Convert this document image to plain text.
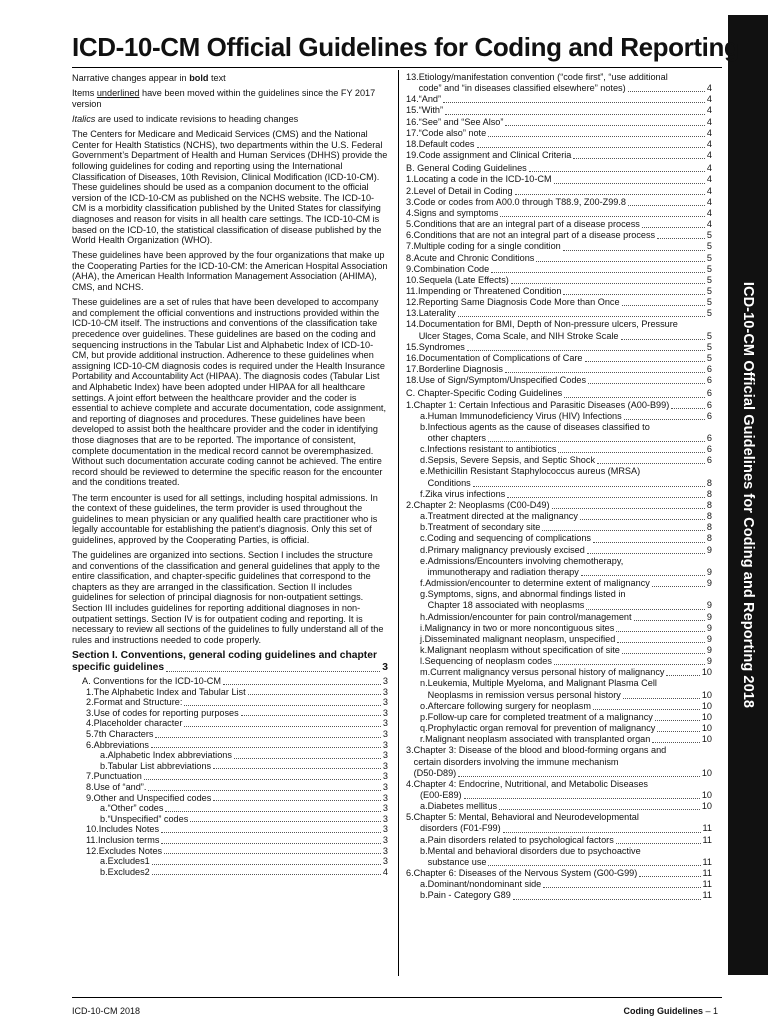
ICD-10-CM Official Guidelines for Coding and Reporting 2018
ICD-10-CM Official Guidelines for Coding and Reporting

Narrative changes appear in bold text

Items underlined have been moved within the guidelines since the FY 2017 version

Italics are used to indicate revisions to heading changes

The Centers for Medicare and Medicaid Services (CMS) and the National Center for Health Statistics (NCHS), two departments within the U.S. Federal Government’s Department of Health and Human Services (DHHS) provide the following guidelines for coding and reporting using the International Classification of Diseases, 10th Revision, Clinical Modification (ICD-10-CM). These guidelines should be used as a companion document to the official version of the ICD-10-CM as published on the NCHS website. The ICD-10-CM is a morbidity classification published by the United States for classifying diagnoses and reason for visits in all health care settings. The ICD-10-CM is based on the ICD-10, the statistical classification of disease published by the World Health Organization (WHO).

These guidelines have been approved by the four organizations that make up the Cooperating Parties for the ICD-10-CM: the American Hospital Association (AHA), the American Health Information Management Association (AHIMA), CMS, and NCHS.

These guidelines are a set of rules that have been developed to accompany and complement the official conventions and instructions provided within the ICD-10-CM itself. The instructions and conventions of the classification take precedence over guidelines. These guidelines are based on the coding and sequencing instructions in the Tabular List and Alphabetic Index of ICD-10-CM, but provide additional instruction. Adherence to these guidelines when assigning ICD-10-CM diagnosis codes is required under the Health Insurance Portability and Accountability Act (HIPAA). The diagnosis codes (Tabular List and Alphabetic Index) have been adopted under HIPAA for all healthcare settings. A joint effort between the healthcare provider and the coder is essential to achieve complete and accurate documentation, code assignment, and reporting of diagnoses and procedures. These guidelines have been developed to assist both the healthcare provider and the coder in identifying those diagnoses that are to be reported. The importance of consistent, complete documentation in the medical record cannot be overemphasized. Without such documentation accurate coding cannot be achieved. The entire record should be reviewed to determine the specific reason for the encounter and the conditions treated.

The term encounter is used for all settings, including hospital admissions. In the context of these guidelines, the term provider is used throughout the guidelines to mean physician or any qualified health care practitioner who is legally accountable for establishing the patient’s diagnosis. Only this set of guidelines, approved by the Cooperating Parties, is official.

The guidelines are organized into sections. Section I includes the structure and conventions of the classification and general guidelines that apply to the entire classification, and chapter-specific guidelines that correspond to the chapters as they are arranged in the classification. Section II includes guidelines for selection of principal diagnosis for non-outpatient settings. Section III includes guidelines for reporting additional diagnoses in non-outpatient settings. Section IV is for outpatient coding and reporting. It is necessary to review all sections of the guidelines to fully understand all of the rules and instructions needed to code properly.

Section I. Conventions, general coding guidelines and chapter
specific guidelines	3
A. Conventions for the ICD-10-CM	3
1. The Alphabetic Index and Tabular List	3
2. Format and Structure:	3
3. Use of codes for reporting purposes	3
4. Placeholder character	3
5. 7th Characters	3
6. Abbreviations	3
a. Alphabetic Index abbreviations	3
b. Tabular List abbreviations	3
7. Punctuation	3
8. Use of “and”.	3
9. Other and Unspecified codes	3
a. “Other” codes	3
b. “Unspecified” codes	3
10. Includes Notes	3
11. Inclusion terms	3
12. Excludes Notes	3
a. Excludes1	3
b. Excludes2	4
13. Etiology/manifestation convention (“code first”, “use additional
code” and “in diseases classified elsewhere” notes)	4
14. “And”	4
15. “With”	4
16. “See” and “See Also”	4
17. “Code also” note	4
18. Default codes	4
19. Code assignment and Clinical Criteria	4
B. General Coding Guidelines	4
1. Locating a code in the ICD-10-CM	4
2. Level of Detail in Coding	4
3. Code or codes from A00.0 through T88.9, Z00-Z99.8	4
4. Signs and symptoms	4
5. Conditions that are an integral part of a disease process	4
6. Conditions that are not an integral part of a disease process	5
7. Multiple coding for a single condition	5
8. Acute and Chronic Conditions	5
9. Combination Code	5
10. Sequela (Late Effects)	5
11. Impending or Threatened Condition	5
12. Reporting Same Diagnosis Code More than Once	5
13. Laterality	5
14. Documentation for BMI, Depth of Non-pressure ulcers, Pressure
Ulcer Stages, Coma Scale, and NIH Stroke Scale	5
15. Syndromes	5
16. Documentation of Complications of Care	5
17. Borderline Diagnosis	6
18. Use of Sign/Symptom/Unspecified Codes	6
C. Chapter-Specific Coding Guidelines	6
1. Chapter 1: Certain Infectious and Parasitic Diseases (A00-B99)	6
a. Human Immunodeficiency Virus (HIV) Infections	6
b. Infectious agents as the cause of diseases classified to
other chapters	6
c. Infections resistant to antibiotics	6
d. Sepsis, Severe Sepsis, and Septic Shock	6
e. Methicillin Resistant Staphylococcus aureus (MRSA)
Conditions	8
f. Zika virus infections	8
2. Chapter 2: Neoplasms (C00-D49)	8
a. Treatment directed at the malignancy	8
b. Treatment of secondary site	8
c. Coding and sequencing of complications	8
d. Primary malignancy previously excised	9
e. Admissions/Encounters involving chemotherapy,
immunotherapy and radiation therapy	9
f. Admission/encounter to determine extent of malignancy	9
g. Symptoms, signs, and abnormal findings listed in
Chapter 18 associated with neoplasms	9
h. Admission/encounter for pain control/management	9
i. Malignancy in two or more noncontiguous sites	9
j. Disseminated malignant neoplasm, unspecified	9
k. Malignant neoplasm without specification of site	9
l. Sequencing of neoplasm codes	9
m. Current malignancy versus personal history of malignancy	10
n. Leukemia, Multiple Myeloma, and Malignant Plasma Cell
Neoplasms in remission versus personal history	10
o. Aftercare following surgery for neoplasm	10
p. Follow-up care for completed treatment of a malignancy	10
q. Prophylactic organ removal for prevention of malignancy	10
r. Malignant neoplasm associated with transplanted organ	10
3. Chapter 3: Disease of the blood and blood-forming organs and
certain disorders involving the immune mechanism
(D50-D89)	10
4. Chapter 4: Endocrine, Nutritional, and Metabolic Diseases
(E00-E89)	10
a. Diabetes mellitus	10
5. Chapter 5: Mental, Behavioral and Neurodevelopmental
disorders (F01-F99)	11
a. Pain disorders related to psychological factors	11
b. Mental and behavioral disorders due to psychoactive
substance use	11
6. Chapter 6: Diseases of the Nervous System (G00-G99)	11
a. Dominant/nondominant side	11
b. Pain - Category G89	11
ICD-10-CM 2018	Coding Guidelines – 1
